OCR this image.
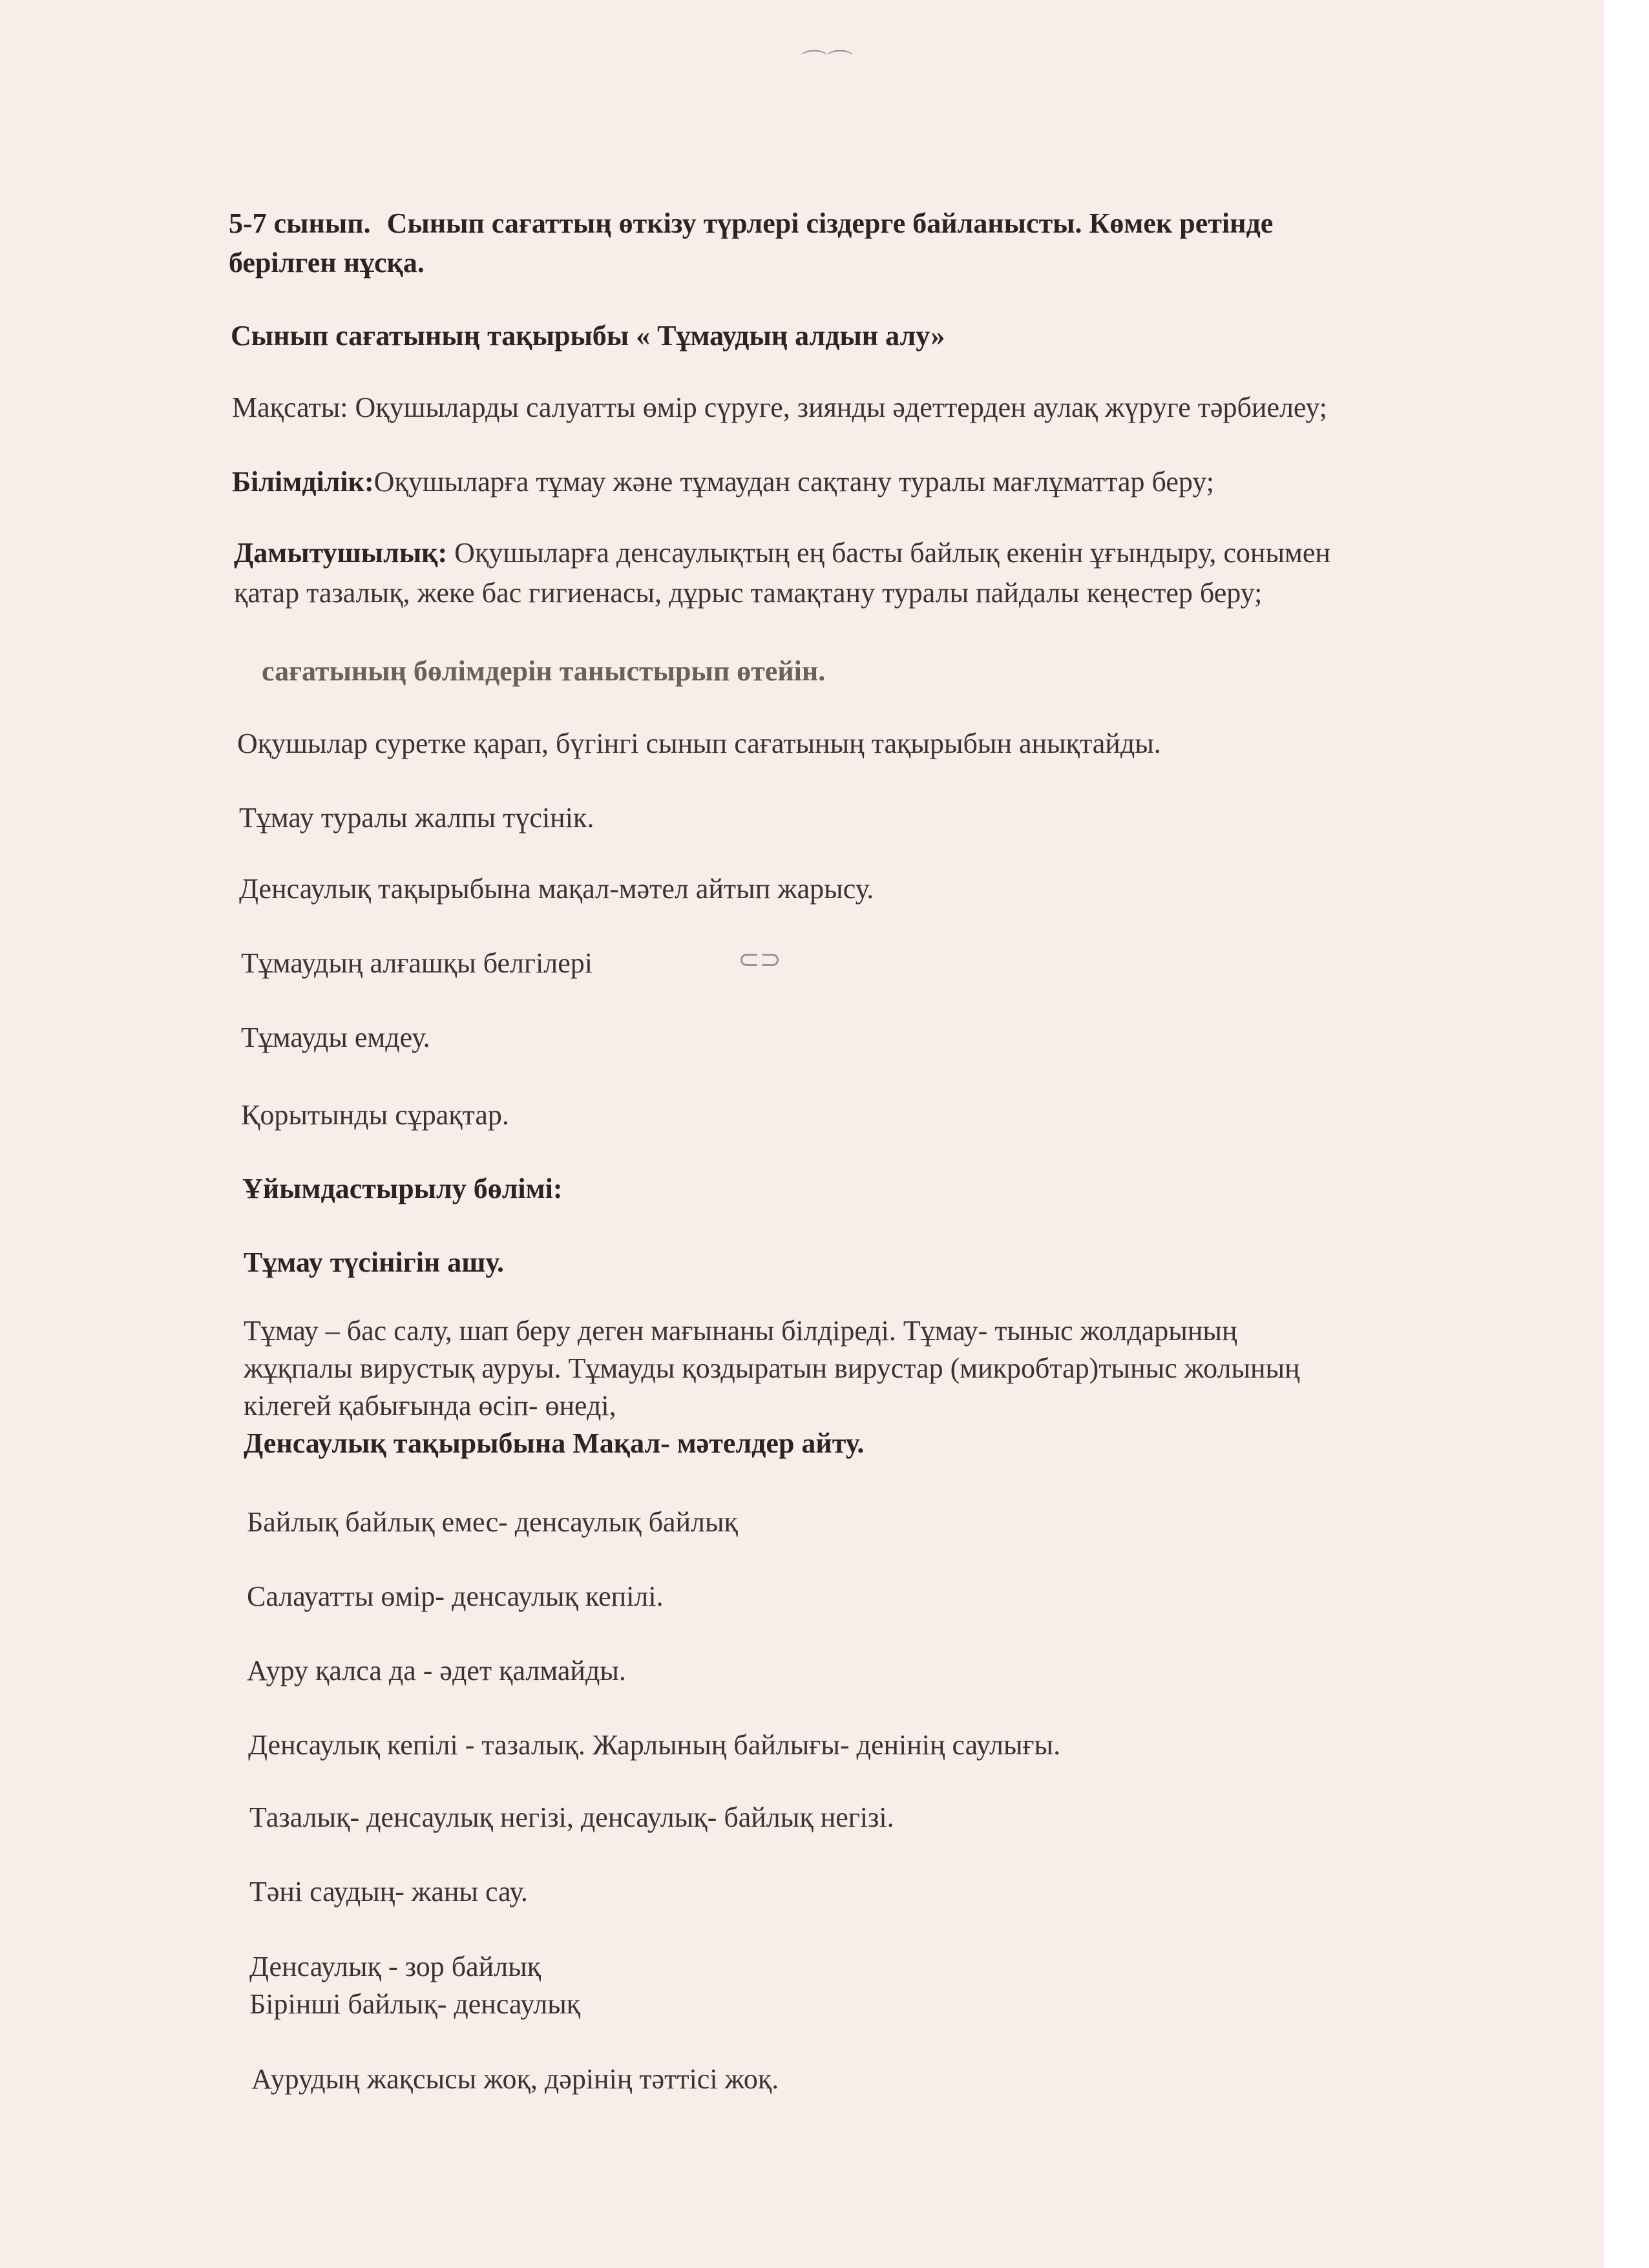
⌒⌒
5-7 сынып. Сынып сағаттың өткізу түрлері сіздерге байланысты. Көмек ретінде
берілген нұсқа.
Сынып сағатының тақырыбы « Тұмаудың алдын алу»
Мақсаты: Оқушыларды салуатты өмір сүруге, зиянды әдеттерден аулақ жүруге тәрбиелеу;
Білімділік:Оқушыларға тұмау және тұмаудан сақтану туралы мағлұматтар беру;
Дамытушылық: Оқушыларға денсаулықтың ең басты байлық екенін ұғындыру, сонымен
қатар тазалық, жеке бас гигиенасы, дұрыс тамақтану туралы пайдалы кеңестер беру;
сағатының бөлімдерін таныстырып өтейін.
Оқушылар суретке қарап, бүгінгі сынып сағатының тақырыбын анықтайды.
Тұмау туралы жалпы түсінік.
Денсаулық тақырыбына мақал-мәтел айтып жарысу.
Тұмаудың алғашқы белгілері	⊂⊃
Тұмауды емдеу.
Қорытынды сұрақтар.
Ұйымдастырылу бөлімі:
Тұмау түсінігін ашу.
Тұмау – бас салу, шап беру деген мағынаны білдіреді. Тұмау- тыныс жолдарының
жұқпалы вирустық ауруы. Тұмауды қоздыратын вирустар (микробтар)тыныс жолының
кілегей қабығында өсіп- өнеді,
Денсаулық тақырыбына Мақал- мәтелдер айту.
Байлық байлық емес- денсаулық байлық
Салауатты өмір- денсаулық кепілі.
Ауру қалса да - әдет қалмайды.
Денсаулық кепілі - тазалық. Жарлының байлығы- денінің саулығы.
Тазалық- денсаулық негізі, денсаулық- байлық негізі.
Тәні саудың- жаны сау.
Денсаулық - зор байлық
Бірінші байлық- денсаулық
Аурудың жақсысы жоқ, дәрінің тәттісі жоқ.
